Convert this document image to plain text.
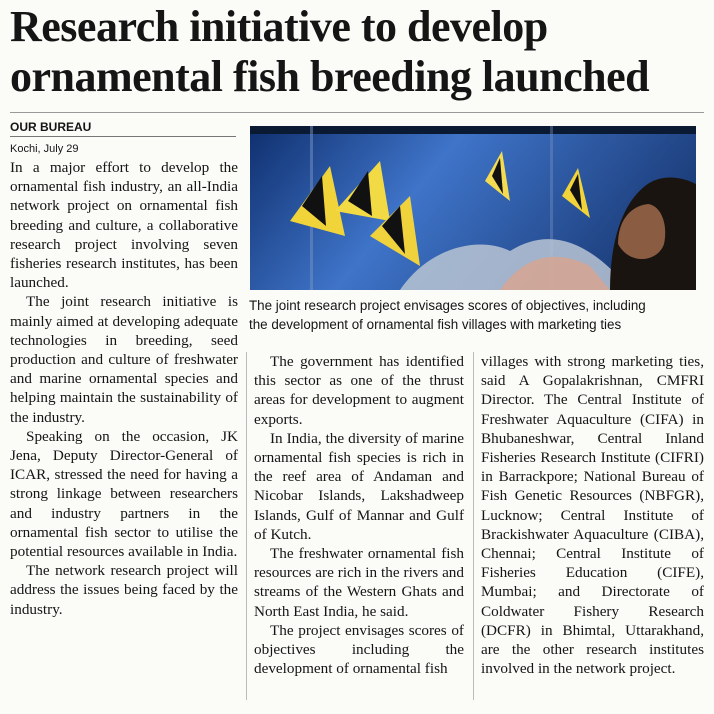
Research initiative to develop
ornamental fish breeding launched
OUR BUREAU
Kochi, July 29

In a major effort to develop the ornamental fish industry, an all-India network project on ornamental fish breeding and culture, a collaborative research project involving seven fisheries research institutes, has been launched.

The joint research initiative is mainly aimed at developing adequate technologies in breeding, seed production and culture of freshwater and marine ornamental species and helping maintain the sustainability of the industry.

Speaking on the occasion, JK Jena, Deputy Director-General of ICAR, stressed the need for having a strong linkage between researchers and industry partners in the ornamental fish sector to utilise the potential resources available in India.

The network research project will address the issues being faced by the industry.

The joint research project envisages scores of objectives, including
the development of ornamental fish villages with marketing ties

The government has identified this sector as one of the thrust areas for development to augment exports.

In India, the diversity of marine ornamental fish species is rich in the reef area of Andaman and Nicobar Islands, Lakshadweep Islands, Gulf of Mannar and Gulf of Kutch.

The freshwater ornamental fish resources are rich in the rivers and streams of the Western Ghats and North East India, he said.

The project envisages scores of objectives including the development of ornamental fish

villages with strong marketing ties, said A Gopalakrishnan, CMFRI Director. The Central Institute of Freshwater Aquaculture (CIFA) in Bhubaneshwar, Central Inland Fisheries Research Institute (CIFRI) in Barrackpore; National Bureau of Fish Genetic Resources (NBFGR), Lucknow; Central Institute of Brackishwater Aquaculture (CIBA), Chennai; Central Institute of Fisheries Education (CIFE), Mumbai; and Directorate of Coldwater Fishery Research (DCFR) in Bhimtal, Uttarakhand, are the other research institutes involved in the network project.
